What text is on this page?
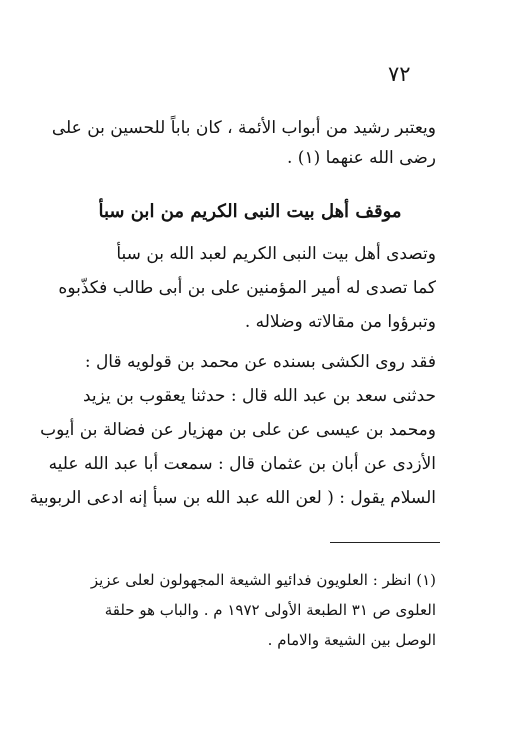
٧٢
ويعتبر رشيد من أبواب الأئمة ، كان باباً للحسين بن على
رضى الله عنهما (١) .
موقف أهل بيت النبى الكريم من ابن سبأ
وتصدى أهل بيت النبى الكريم لعبد الله بن سبأ
كما تصدى له أمير المؤمنين على بن أبى طالب فكذّبوه
وتبرؤوا من مقالاته وضلاله .
فقد روى الكشى بسنده عن محمد بن قولويه قال :
حدثنى سعد بن عبد الله قال : حدثنا يعقوب بن يزيد
ومحمد بن عيسى عن على بن مهزيار عن فضالة بن أيوب
الأزدى عن أبان بن عثمان قال : سمعت أبا عبد الله عليه
السلام يقول : ( لعن الله عبد الله بن سبأ إنه ادعى الربوبية
(١) انظر : العلويون فدائيو الشيعة المجهولون لعلى عزيز
العلوى ص ٣١ الطبعة الأولى ١٩٧٢ م . والباب هو حلقة
الوصل بين الشيعة والامام .
